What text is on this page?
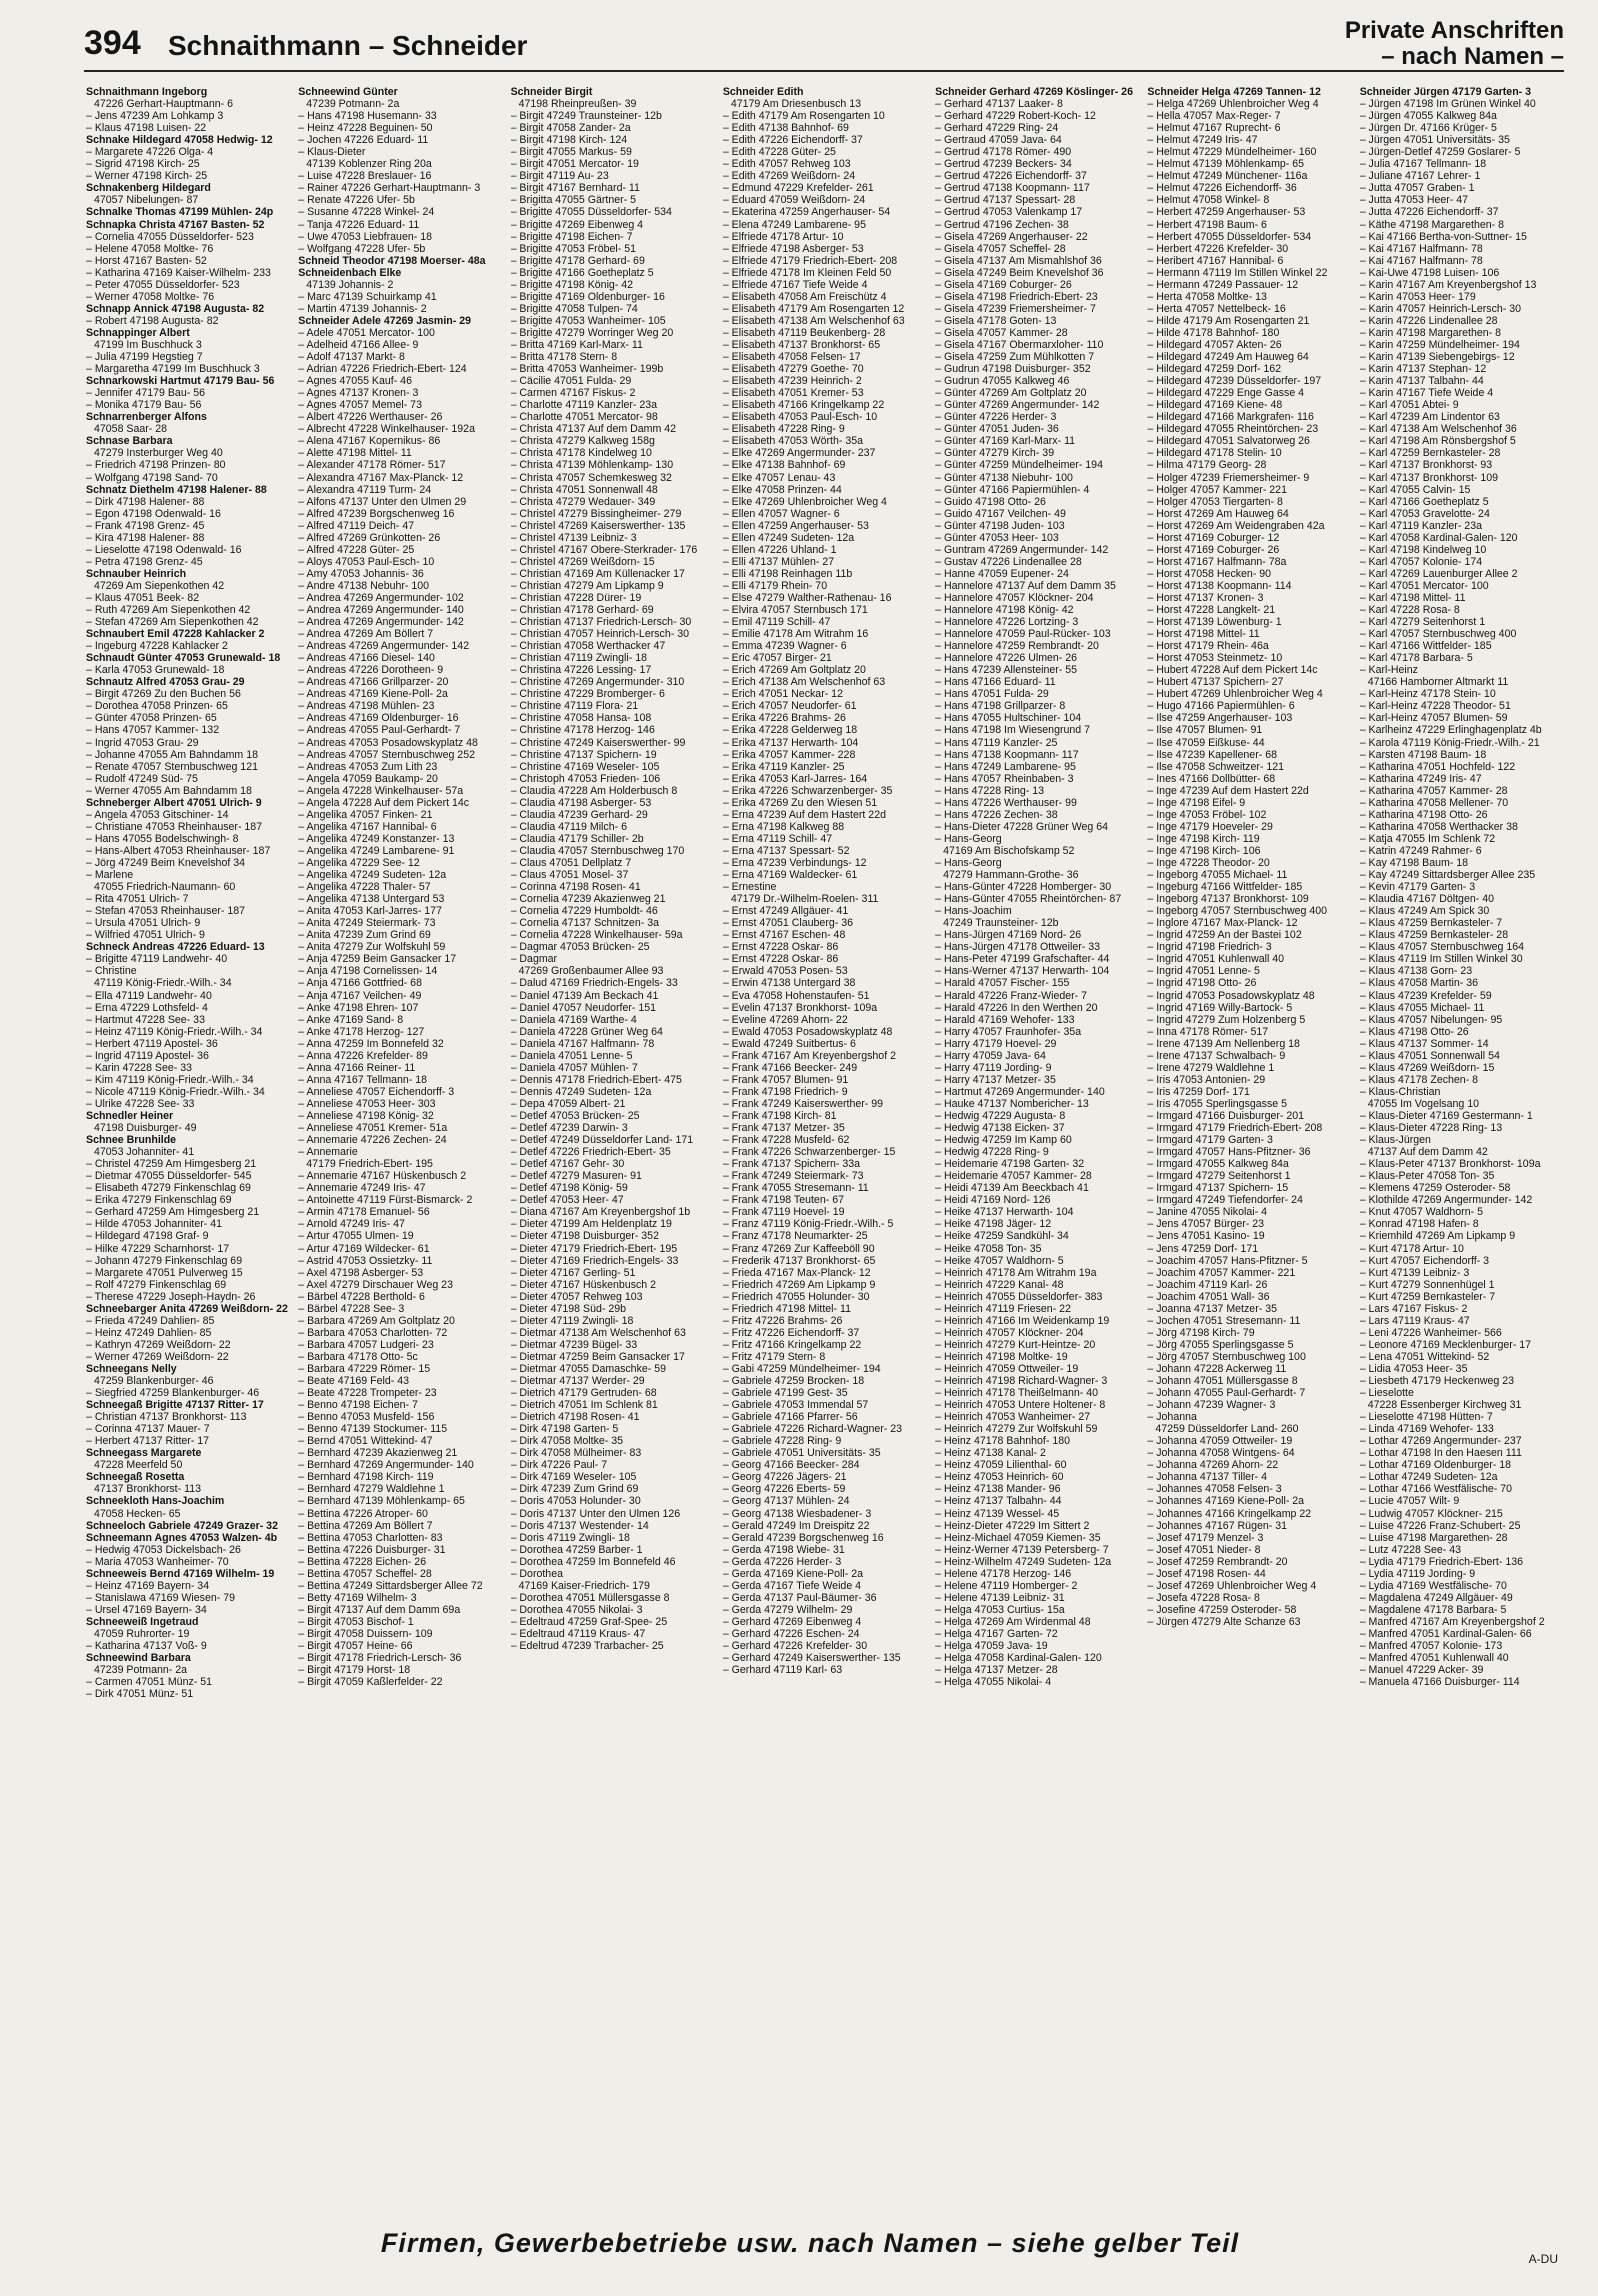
394 Schnaithmann – Schneider	Private Anschriften
– nach Namen –
Schnaithmann Ingeborg
47226 Gerhart-Hauptmann- 6
– Jens 47239 Am Lohkamp 3
– Klaus 47198 Luisen- 22
Schnake Hildegard 47058 Hedwig- 12
– Margarete 47226 Olga- 4
– Sigrid 47198 Kirch- 25
– Werner 47198 Kirch- 25
Schnakenberg Hildegard
47057 Nibelungen- 87
Schnalke Thomas 47199 Mühlen- 24p
Schnapka Christa 47167 Basten- 52
– Cornelia 47055 Düsseldorfer- 523
– Helene 47058 Moltke- 76
– Horst 47167 Basten- 52
– Katharina 47169 Kaiser-Wilhelm- 233
– Peter 47055 Düsseldorfer- 523
– Werner 47058 Moltke- 76
Schnapp Annick 47198 Augusta- 82
– Robert 47198 Augusta- 82
Schnappinger Albert
47199 Im Buschhuck 3
– Julia 47199 Hegstieg 7
– Margaretha 47199 Im Buschhuck 3
Schnarkowski Hartmut 47179 Bau- 56
– Jennifer 47179 Bau- 56
– Monika 47179 Bau- 56
Schnarrenberger Alfons
47058 Saar- 28
Schnase Barbara
47279 Insterburger Weg 40
– Friedrich 47198 Prinzen- 80
– Wolfgang 47198 Sand- 70
Schnatz Diethelm 47198 Halener- 88
– Dirk 47198 Halener- 88
– Egon 47198 Odenwald- 16
– Frank 47198 Grenz- 45
– Kira 47198 Halener- 88
– Lieselotte 47198 Odenwald- 16
– Petra 47198 Grenz- 45
Schnauber Heinrich
47269 Am Siepenkothen 42
– Klaus 47051 Beek- 82
– Ruth 47269 Am Siepenkothen 42
– Stefan 47269 Am Siepenkothen 42
Schnaubert Emil 47228 Kahlacker 2
– Ingeburg 47228 Kahlacker 2
Schnaudt Günter 47053 Grunewald- 18
– Karla 47053 Grunewald- 18
Schnautz Alfred 47053 Grau- 29
– Birgit 47269 Zu den Buchen 56
– Dorothea 47058 Prinzen- 65
– Günter 47058 Prinzen- 65
– Hans 47057 Kammer- 132
– Ingrid 47053 Grau- 29
– Johanne 47055 Am Bahndamm 18
– Renate 47057 Sternbuschweg 121
– Rudolf 47249 Süd- 75
– Werner 47055 Am Bahndamm 18
Schneberger Albert 47051 Ulrich- 9
– Angela 47053 Gitschiner- 14
– Christiane 47053 Rheinhauser- 187
– Hans 47055 Bodelschwingh- 8
– Hans-Albert 47053 Rheinhauser- 187
– Jörg 47249 Beim Knevelshof 34
– Marlene
47055 Friedrich-Naumann- 60
– Rita 47051 Ulrich- 7
– Stefan 47053 Rheinhauser- 187
– Ursula 47051 Ulrich- 9
– Wilfried 47051 Ulrich- 9
Schneck Andreas 47226 Eduard- 13
– Brigitte 47119 Landwehr- 40
– Christine
47119 König-Friedr.-Wilh.- 34
– Ella 47119 Landwehr- 40
– Erna 47229 Lothsfeld- 4
– Hartmut 47228 See- 33
– Heinz 47119 König-Friedr.-Wilh.- 34
– Herbert 47119 Apostel- 36
– Ingrid 47119 Apostel- 36
– Karin 47228 See- 33
– Kim 47119 König-Friedr.-Wilh.- 34
– Nicole 47119 König-Friedr.-Wilh.- 34
– Ulrike 47228 See- 33
Schnedler Heiner
47198 Duisburger- 49
Schnee Brunhilde
47053 Johanniter- 41
– Christel 47259 Am Himgesberg 21
– Dietmar 47055 Düsseldorfer- 545
– Elisabeth 47279 Finkenschlag 69
– Erika 47279 Finkenschlag 69
– Gerhard 47259 Am Himgesberg 21
– Hilde 47053 Johanniter- 41
– Hildegard 47198 Graf- 9
– Hilke 47229 Scharnhorst- 17
– Johann 47279 Finkenschlag 69
– Margarete 47051 Pulverweg 15
– Rolf 47279 Finkenschlag 69
– Therese 47229 Joseph-Haydn- 26
Schneebarger Anita 47269 Weißdorn- 22
– Frieda 47249 Dahlien- 85
– Heinz 47249 Dahlien- 85
– Kathryn 47269 Weißdorn- 22
– Werner 47269 Weißdorn- 22
Schneegans Nelly
47259 Blankenburger- 46
– Siegfried 47259 Blankenburger- 46
Schneegaß Brigitte 47137 Ritter- 17
– Christian 47137 Bronkhorst- 113
– Corinna 47137 Mauer- 7
– Herbert 47137 Ritter- 17
Schneegass Margarete
47228 Meerfeld 50
Schneegaß Rosetta
47137 Bronkhorst- 113
Schneekloth Hans-Joachim
47058 Hecken- 65
Schneeloch Gabriele 47249 Grazer- 32
Schneemann Agnes 47053 Walzen- 4b
– Hedwig 47053 Dickelsbach- 26
– Maria 47053 Wanheimer- 70
Schneeweis Bernd 47169 Wilhelm- 19
– Heinz 47169 Bayern- 34
– Stanislawa 47169 Wiesen- 79
– Ursel 47169 Bayern- 34
Schneeweiß Ingetraud
47059 Ruhrorter- 19
– Katharina 47137 Voß- 9
Schneewind Barbara
47239 Potmann- 2a
– Carmen 47051 Münz- 51
– Dirk 47051 Münz- 51
Schneewind Günter
47239 Potmann- 2a
– Hans 47198 Husemann- 33
– Heinz 47228 Beguinen- 50
– Jochen 47226 Eduard- 11
– Klaus-Dieter
47139 Koblenzer Ring 20a
– Luise 47228 Breslauer- 16
– Rainer 47226 Gerhart-Hauptmann- 3
– Renate 47226 Ufer- 5b
– Susanne 47228 Winkel- 24
– Tanja 47226 Eduard- 11
– Uwe 47053 Liebfrauen- 18
– Wolfgang 47228 Ufer- 5b
Schneid Theodor 47198 Moerser- 48a
Schneidenbach Elke
47139 Johannis- 2
– Marc 47139 Schuirkamp 41
– Martin 47139 Johannis- 2
Schneider Adele 47269 Jasmin- 29
– Adele 47051 Mercator- 100
– Adelheid 47166 Allee- 9
– Adolf 47137 Markt- 8
– Adrian 47226 Friedrich-Ebert- 124
– Agnes 47055 Kauf- 46
– Agnes 47137 Kronen- 3
– Agnes 47057 Memel- 73
– Albert 47226 Werthauser- 26
– Albrecht 47228 Winkelhauser- 192a
– Alena 47167 Kopernikus- 86
– Alette 47198 Mittel- 11
– Alexander 47178 Römer- 517
– Alexandra 47167 Max-Planck- 12
– Alexandra 47119 Turm- 24
– Alfons 47137 Unter den Ulmen 29
– Alfred 47239 Borgschenweg 16
– Alfred 47119 Deich- 47
– Alfred 47269 Grünkotten- 26
– Alfred 47228 Güter- 25
– Aloys 47053 Paul-Esch- 10
– Amy 47053 Johannis- 36
– Andre 47138 Nebuhr- 100
– Andrea 47269 Angermunder- 102
– Andrea 47269 Angermunder- 140
– Andrea 47269 Angermunder- 142
– Andrea 47269 Am Böllert 7
– Andreas 47269 Angermunder- 142
– Andreas 47166 Diesel- 140
– Andreas 47226 Dorotheen- 9
– Andreas 47166 Grillparzer- 20
– Andreas 47169 Kiene-Poll- 2a
– Andreas 47198 Mühlen- 23
– Andreas 47169 Oldenburger- 16
– Andreas 47055 Paul-Gerhardt- 7
– Andreas 47053 Posadowskyplatz 48
– Andreas 47057 Sternbuschweg 252
– Andreas 47053 Zum Lith 23
– Angela 47059 Baukamp- 20
– Angela 47228 Winkelhauser- 57a
– Angela 47228 Auf dem Pickert 14c
– Angelika 47057 Finken- 21
– Angelika 47167 Hannibal- 6
– Angelika 47249 Konstanzer- 13
– Angelika 47249 Lambarene- 91
– Angelika 47229 See- 12
– Angelika 47249 Sudeten- 12a
– Angelika 47228 Thaler- 57
– Angelika 47138 Untergard 53
– Anita 47053 Karl-Jarres- 177
– Anita 47249 Steiermark- 73
– Anita 47239 Zum Grind 69
– Anita 47279 Zur Wolfskuhl 59
– Anja 47259 Beim Gansacker 17
– Anja 47198 Cornelissen- 14
– Anja 47166 Gottfried- 68
– Anja 47167 Veilchen- 49
– Anke 47198 Ehren- 107
– Anke 47169 Sand- 8
– Anke 47178 Herzog- 127
– Anna 47259 Im Bonnefeld 32
– Anna 47226 Krefelder- 89
– Anna 47166 Reiner- 11
– Anna 47167 Tellmann- 18
– Anneliese 47057 Eichendorff- 3
– Anneliese 47053 Heer- 303
– Anneliese 47198 König- 32
– Anneliese 47051 Kremer- 51a
– Annemarie 47226 Zechen- 24
– Annemarie
47179 Friedrich-Ebert- 195
– Annemarie 47167 Hüskenbusch 2
– Annemarie 47249 Iris- 47
– Antoinette 47119 Fürst-Bismarck- 2
– Armin 47178 Emanuel- 56
– Arnold 47249 Iris- 47
– Artur 47055 Ulmen- 19
– Artur 47169 Wildecker- 61
– Astrid 47053 Ossietzky- 11
– Axel 47198 Asberger- 53
– Axel 47279 Dirschauer Weg 23
– Bärbel 47228 Berthold- 6
– Bärbel 47228 See- 3
– Barbara 47269 Am Goltplatz 20
– Barbara 47053 Charlotten- 72
– Barbara 47057 Ludgeri- 23
– Barbara 47178 Otto- 5c
– Barbara 47229 Römer- 15
– Beate 47169 Feld- 43
– Beate 47228 Trompeter- 23
– Benno 47198 Eichen- 7
– Benno 47053 Musfeld- 156
– Benno 47139 Stockumer- 115
– Bernd 47051 Wittekind- 47
– Bernhard 47239 Akazienweg 21
– Bernhard 47269 Angermunder- 140
– Bernhard 47198 Kirch- 119
– Bernhard 47279 Waldlehne 1
– Bernhard 47139 Möhlenkamp- 65
– Bettina 47226 Atroper- 60
– Bettina 47269 Am Böllert 7
– Bettina 47053 Charlotten- 83
– Bettina 47226 Duisburger- 31
– Bettina 47228 Eichen- 26
– Bettina 47057 Scheffel- 28
– Bettina 47249 Sittardsberger Allee 72
– Betty 47169 Wilhelm- 3
– Birgit 47137 Auf dem Damm 69a
– Birgit 47053 Bischof- 1
– Birgit 47058 Duissern- 109
– Birgit 47057 Heine- 66
– Birgit 47178 Friedrich-Lersch- 36
– Birgit 47179 Horst- 18
– Birgit 47059 Kaßlerfelder- 22
Schneider Birgit
47198 Rheinpreußen- 39
– Birgit 47249 Traunsteiner- 12b
– Birgit 47058 Zander- 2a
– Birgit 47198 Kirch- 124
– Birgit 47055 Markus- 59
– Birgit 47051 Mercator- 19
– Birgit 47119 Au- 23
– Birgit 47167 Bernhard- 11
– Brigitta 47055 Gärtner- 5
– Brigitte 47055 Düsseldorfer- 534
– Brigitte 47269 Eibenweg 4
– Brigitte 47198 Eichen- 7
– Brigitte 47053 Fröbel- 51
– Brigitte 47178 Gerhard- 69
– Brigitte 47166 Goetheplatz 5
– Brigitte 47198 König- 42
– Brigitte 47169 Oldenburger- 16
– Brigitte 47058 Tulpen- 74
– Brigitte 47053 Wanheimer- 105
– Brigitte 47279 Worringer Weg 20
– Britta 47169 Karl-Marx- 11
– Britta 47178 Stern- 8
– Britta 47053 Wanheimer- 199b
– Cäcilie 47051 Fulda- 29
– Carmen 47167 Fiskus- 2
– Charlotte 47119 Kanzler- 23a
– Charlotte 47051 Mercator- 98
– Christa 47137 Auf dem Damm 42
– Christa 47279 Kalkweg 158g
– Christa 47178 Kindelweg 10
– Christa 47139 Möhlenkamp- 130
– Christa 47057 Schemkesweg 32
– Christa 47051 Sonnenwall 48
– Christa 47279 Wedauer- 349
– Christel 47279 Bissingheimer- 279
– Christel 47269 Kaiserswerther- 135
– Christel 47139 Leibniz- 3
– Christel 47167 Obere-Sterkrader- 176
– Christel 47269 Weißdorn- 15
– Christian 47169 Am Küllenacker 17
– Christian 47279 Am Lipkamp 9
– Christian 47228 Dürer- 19
– Christian 47178 Gerhard- 69
– Christian 47137 Friedrich-Lersch- 30
– Christian 47057 Heinrich-Lersch- 30
– Christian 47058 Werthacker 47
– Christian 47119 Zwingli- 18
– Christina 47226 Lessing- 17
– Christine 47269 Angermunder- 310
– Christine 47229 Bromberger- 6
– Christine 47119 Flora- 21
– Christine 47058 Hansa- 108
– Christine 47178 Herzog- 146
– Christine 47249 Kaiserswerther- 99
– Christine 47137 Spichern- 19
– Christine 47169 Weseler- 105
– Christoph 47053 Frieden- 106
– Claudia 47228 Am Holderbusch 8
– Claudia 47198 Asberger- 53
– Claudia 47239 Gerhard- 29
– Claudia 47119 Milch- 6
– Claudia 47179 Schiller- 2b
– Claudia 47057 Sternbuschweg 170
– Claus 47051 Dellplatz 7
– Claus 47051 Mosel- 37
– Corinna 47198 Rosen- 41
– Cornelia 47239 Akazienweg 21
– Cornelia 47229 Humboldt- 46
– Cornelia 47137 Schnitzen- 3a
– Cornelia 47228 Winkelhauser- 59a
– Dagmar 47053 Brücken- 25
– Dagmar
47269 Großenbaumer Allee 93
– Dalud 47169 Friedrich-Engels- 33
– Daniel 47139 Am Beckach 41
– Daniel 47057 Neudorfer- 151
– Daniela 47169 Warthe- 4
– Daniela 47228 Grüner Weg 64
– Daniela 47167 Halfmann- 78
– Daniela 47051 Lenne- 5
– Daniela 47057 Mühlen- 7
– Dennis 47178 Friedrich-Ebert- 475
– Dennis 47249 Sudeten- 12a
– Depa 47059 Albert- 21
– Detlef 47053 Brücken- 25
– Detlef 47239 Darwin- 3
– Detlef 47249 Düsseldorfer Land- 171
– Detlef 47226 Friedrich-Ebert- 35
– Detlef 47167 Gehr- 30
– Detlef 47279 Masuren- 91
– Detlef 47198 König- 59
– Detlef 47053 Heer- 47
– Diana 47167 Am Kreyenbergshof 1b
– Dieter 47199 Am Heldenplatz 19
– Dieter 47198 Duisburger- 352
– Dieter 47179 Friedrich-Ebert- 195
– Dieter 47169 Friedrich-Engels- 33
– Dieter 47167 Gerling- 51
– Dieter 47167 Hüskenbusch 2
– Dieter 47057 Rehweg 103
– Dieter 47198 Süd- 29b
– Dieter 47119 Zwingli- 18
– Dietmar 47138 Am Welschenhof 63
– Dietmar 47239 Bügel- 33
– Dietmar 47259 Beim Gansacker 17
– Dietmar 47055 Damaschke- 59
– Dietmar 47137 Werder- 29
– Dietrich 47179 Gertruden- 68
– Dietrich 47051 Im Schlenk 81
– Dietrich 47198 Rosen- 41
– Dirk 47198 Garten- 5
– Dirk 47058 Moltke- 35
– Dirk 47058 Mülheimer- 83
– Dirk 47226 Paul- 7
– Dirk 47169 Weseler- 105
– Dirk 47239 Zum Grind 69
– Doris 47053 Holunder- 30
– Doris 47137 Unter den Ulmen 126
– Doris 47137 Westender- 14
– Doris 47119 Zwingli- 18
– Dorothea 47259 Barber- 1
– Dorothea 47259 Im Bonnefeld 46
– Dorothea
47169 Kaiser-Friedrich- 179
– Dorothea 47051 Müllersgasse 8
– Dorothea 47055 Nikolai- 3
– Edeltraud 47259 Graf-Spee- 25
– Edeltraud 47119 Kraus- 47
– Edeltrud 47239 Trarbacher- 25
Schneider Edith
47179 Am Driesenbusch 13
– Edith 47179 Am Rosengarten 10
– Edith 47138 Bahnhof- 69
– Edith 47226 Eichendorff- 37
– Edith 47228 Güter- 25
– Edith 47057 Rehweg 103
– Edith 47269 Weißdorn- 24
– Edmund 47229 Krefelder- 261
– Eduard 47059 Weißdorn- 24
– Ekaterina 47259 Angerhauser- 54
– Elena 47249 Lambarene- 95
– Elfriede 47178 Artur- 10
– Elfriede 47198 Asberger- 53
– Elfriede 47179 Friedrich-Ebert- 208
– Elfriede 47178 Im Kleinen Feld 50
– Elfriede 47167 Tiefe Weide 4
– Elisabeth 47058 Am Freischütz 4
– Elisabeth 47179 Am Rosengarten 12
– Elisabeth 47138 Am Welschenhof 63
– Elisabeth 47119 Beukenberg- 28
– Elisabeth 47137 Bronkhorst- 65
– Elisabeth 47058 Felsen- 17
– Elisabeth 47279 Goethe- 70
– Elisabeth 47239 Heinrich- 2
– Elisabeth 47051 Kremer- 53
– Elisabeth 47166 Kringelkamp 22
– Elisabeth 47053 Paul-Esch- 10
– Elisabeth 47228 Ring- 9
– Elisabeth 47053 Wörth- 35a
– Elke 47269 Angermunder- 237
– Elke 47138 Bahnhof- 69
– Elke 47057 Lenau- 43
– Elke 47058 Prinzen- 44
– Elke 47269 Uhlenbroicher Weg 4
– Ellen 47057 Wagner- 6
– Ellen 47259 Angerhauser- 53
– Ellen 47249 Sudeten- 12a
– Ellen 47226 Uhland- 1
– Elli 47137 Mühlen- 27
– Elli 47198 Reinhagen 11b
– Elli 47179 Rhein- 70
– Else 47279 Walther-Rathenau- 16
– Elvira 47057 Sternbusch 171
– Emil 47119 Schill- 47
– Emilie 47178 Am Witrahm 16
– Emma 47239 Wagner- 6
– Eric 47057 Birger- 21
– Erich 47269 Am Goltplatz 20
– Erich 47138 Am Welschenhof 63
– Erich 47051 Neckar- 12
– Erich 47057 Neudorfer- 61
– Erika 47226 Brahms- 26
– Erika 47228 Gelderweg 18
– Erika 47137 Herwarth- 104
– Erika 47057 Kammer- 228
– Erika 47119 Kanzler- 25
– Erika 47053 Karl-Jarres- 164
– Erika 47226 Schwarzenberger- 35
– Erika 47269 Zu den Wiesen 51
– Erna 47239 Auf dem Hastert 22d
– Erna 47198 Kalkweg 88
– Erna 47119 Schill- 47
– Erna 47137 Spessart- 52
– Erna 47239 Verbindungs- 12
– Erna 47169 Waldecker- 61
– Ernestine
47179 Dr.-Wilhelm-Roelen- 311
– Ernst 47249 Allgäuer- 41
– Ernst 47051 Clauberg- 36
– Ernst 47167 Eschen- 48
– Ernst 47228 Oskar- 86
– Ernst 47228 Oskar- 86
– Erwald 47053 Posen- 53
– Erwin 47138 Untergard 38
– Eva 47058 Hohenstaufen- 51
– Evelin 47137 Bronkhorst- 109a
– Eveline 47269 Ahorn- 22
– Ewald 47053 Posadowskyplatz 48
– Ewald 47249 Suitbertus- 6
– Frank 47167 Am Kreyenbergshof 2
– Frank 47166 Beecker- 249
– Frank 47057 Blumen- 91
– Frank 47198 Friedrich- 9
– Frank 47249 Kaiserswerther- 99
– Frank 47198 Kirch- 81
– Frank 47137 Metzer- 35
– Frank 47228 Musfeld- 62
– Frank 47226 Schwarzenberger- 15
– Frank 47137 Spichern- 33a
– Frank 47249 Steiermark- 73
– Frank 47055 Stresemann- 11
– Frank 47198 Teuten- 67
– Frank 47119 Hoevel- 19
– Franz 47119 König-Friedr.-Wilh.- 5
– Franz 47178 Neumarkter- 25
– Franz 47269 Zur Kaffeeböll 90
– Frederik 47137 Bronkhorst- 65
– Frieda 47167 Max-Planck- 12
– Friedrich 47269 Am Lipkamp 9
– Friedrich 47055 Holunder- 30
– Friedrich 47198 Mittel- 11
– Fritz 47226 Brahms- 26
– Fritz 47226 Eichendorff- 37
– Fritz 47166 Kringelkamp 22
– Fritz 47179 Stern- 8
– Gabi 47259 Mündelheimer- 194
– Gabriele 47259 Brocken- 18
– Gabriele 47199 Gest- 35
– Gabriele 47053 Immendal 57
– Gabriele 47166 Pfarrer- 56
– Gabriele 47226 Richard-Wagner- 23
– Gabriele 47228 Ring- 9
– Gabriele 47051 Universitäts- 35
– Georg 47166 Beecker- 284
– Georg 47226 Jägers- 21
– Georg 47226 Eberts- 59
– Georg 47137 Mühlen- 24
– Georg 47138 Wiesbadener- 3
– Gerald 47249 Im Dreispitz 22
– Gerald 47239 Borgschenweg 16
– Gerda 47198 Wiebe- 31
– Gerda 47226 Herder- 3
– Gerda 47169 Kiene-Poll- 2a
– Gerda 47167 Tiefe Weide 4
– Gerda 47137 Paul-Bäumer- 36
– Gerda 47279 Wilhelm- 29
– Gerhard 47269 Eibenweg 4
– Gerhard 47226 Eschen- 24
– Gerhard 47226 Krefelder- 30
– Gerhard 47249 Kaiserswerther- 135
– Gerhard 47119 Karl- 63
Schneider Gerhard 47269 Köslinger- 26
– Gerhard 47137 Laaker- 8
– Gerhard 47229 Robert-Koch- 12
– Gerhard 47229 Ring- 24
– Gertraud 47059 Java- 64
– Gertrud 47178 Römer- 490
– Gertrud 47239 Beckers- 34
– Gertrud 47226 Eichendorff- 37
– Gertrud 47138 Koopmann- 117
– Gertrud 47137 Spessart- 28
– Gertrud 47053 Valenkamp 17
– Gertrud 47196 Zechen- 38
– Gisela 47269 Angerhauser- 22
– Gisela 47057 Scheffel- 28
– Gisela 47137 Am Mismahlshof 36
– Gisela 47249 Beim Knevelshof 36
– Gisela 47169 Coburger- 26
– Gisela 47198 Friedrich-Ebert- 23
– Gisela 47239 Friemersheimer- 7
– Gisela 47178 Goten- 13
– Gisela 47057 Kammer- 28
– Gisela 47167 Obermarxloher- 110
– Gisela 47259 Zum Mühlkotten 7
– Gudrun 47198 Duisburger- 352
– Gudrun 47055 Kalkweg 46
– Günter 47269 Am Goltplatz 20
– Günter 47269 Angermunder- 142
– Günter 47226 Herder- 3
– Günter 47051 Juden- 36
– Günter 47169 Karl-Marx- 11
– Günter 47279 Kirch- 39
– Günter 47259 Mündelheimer- 194
– Günter 47138 Niebuhr- 100
– Günter 47166 Papiermühlen- 4
– Guido 47198 Otto- 26
– Guido 47167 Veilchen- 49
– Günter 47198 Juden- 103
– Günter 47053 Heer- 103
– Guntram 47269 Angermunder- 142
– Gustav 47226 Lindenallee 28
– Hanne 47059 Eupener- 24
– Hannelore 47137 Auf dem Damm 35
– Hannelore 47057 Klöckner- 204
– Hannelore 47198 König- 42
– Hannelore 47226 Lortzing- 3
– Hannelore 47059 Paul-Rücker- 103
– Hannelore 47259 Rembrandt- 20
– Hannelore 47226 Ulmen- 26
– Hans 47239 Allensteiner- 55
– Hans 47166 Eduard- 11
– Hans 47051 Fulda- 29
– Hans 47198 Grillparzer- 8
– Hans 47055 Hultschiner- 104
– Hans 47198 Im Wiesengrund 7
– Hans 47119 Kanzler- 25
– Hans 47138 Koopmann- 117
– Hans 47249 Lambarene- 95
– Hans 47057 Rheinbaben- 3
– Hans 47228 Ring- 13
– Hans 47226 Werthauser- 99
– Hans 47226 Zechen- 38
– Hans-Dieter 47228 Grüner Weg 64
– Hans-Georg
47169 Am Bischofskamp 52
– Hans-Georg
47279 Hammann-Grothe- 36
– Hans-Günter 47228 Homberger- 30
– Hans-Günter 47055 Rheintörchen- 87
– Hans-Joachim
47249 Traunsteiner- 12b
– Hans-Jürgen 47169 Nord- 26
– Hans-Jürgen 47178 Ottweiler- 33
– Hans-Peter 47199 Grafschafter- 44
– Hans-Werner 47137 Herwarth- 104
– Harald 47057 Fischer- 155
– Harald 47226 Franz-Wieder- 7
– Harald 47226 In den Werthen 20
– Harald 47169 Wehofer- 133
– Harry 47057 Fraunhofer- 35a
– Harry 47179 Hoevel- 29
– Harry 47059 Java- 64
– Harry 47119 Jording- 9
– Harry 47137 Metzer- 35
– Hartmut 47269 Angermunder- 140
– Hauke 47137 Nombericher- 13
– Hedwig 47229 Augusta- 8
– Hedwig 47138 Eicken- 37
– Hedwig 47259 Im Kamp 60
– Hedwig 47228 Ring- 9
– Heidemarie 47198 Garten- 32
– Heidemarie 47057 Kammer- 28
– Heidi 47139 Am Beeckbach 41
– Heidi 47169 Nord- 126
– Heike 47137 Herwarth- 104
– Heike 47198 Jäger- 12
– Heike 47259 Sandkühl- 34
– Heike 47058 Ton- 35
– Heike 47057 Waldhorn- 5
– Heinrich 47178 Am Witrahm 19a
– Heinrich 47229 Kanal- 48
– Heinrich 47055 Düsseldorfer- 383
– Heinrich 47119 Friesen- 22
– Heinrich 47166 Im Weidenkamp 19
– Heinrich 47057 Klöckner- 204
– Heinrich 47279 Kurt-Heintze- 20
– Heinrich 47198 Moltke- 19
– Heinrich 47059 Ottweiler- 19
– Heinrich 47198 Richard-Wagner- 3
– Heinrich 47178 Theißelmann- 40
– Heinrich 47053 Untere Holtener- 8
– Heinrich 47053 Wanheimer- 27
– Heinrich 47279 Zur Wolfskuhl 59
– Heinz 47178 Bahnhof- 180
– Heinz 47138 Kanal- 2
– Heinz 47059 Lilienthal- 60
– Heinz 47053 Heinrich- 60
– Heinz 47138 Mander- 96
– Heinz 47137 Talbahn- 44
– Heinz 47139 Wessel- 45
– Heinz-Dieter 47229 Im Sittert 2
– Heinz-Michael 47059 Kiemen- 35
– Heinz-Werner 47139 Petersberg- 7
– Heinz-Wilhelm 47249 Sudeten- 12a
– Helene 47178 Herzog- 146
– Helene 47119 Homberger- 2
– Helene 47139 Leibniz- 31
– Helga 47053 Curtius- 15a
– Helga 47269 Am Wirdenmal 48
– Helga 47167 Garten- 72
– Helga 47059 Java- 19
– Helga 47058 Kardinal-Galen- 120
– Helga 47137 Metzer- 28
– Helga 47055 Nikolai- 4
Schneider Helga 47269 Tannen- 12
– Helga 47269 Uhlenbroicher Weg 4
– Hella 47057 Max-Reger- 7
– Helmut 47167 Ruprecht- 6
– Helmut 47249 Iris- 47
– Helmut 47229 Mündelheimer- 160
– Helmut 47139 Möhlenkamp- 65
– Helmut 47249 Münchener- 116a
– Helmut 47226 Eichendorff- 36
– Helmut 47058 Winkel- 8
– Herbert 47259 Angerhauser- 53
– Herbert 47198 Baum- 6
– Herbert 47055 Düsseldorfer- 534
– Herbert 47226 Krefelder- 30
– Heribert 47167 Hannibal- 6
– Hermann 47119 Im Stillen Winkel 22
– Hermann 47249 Passauer- 12
– Herta 47058 Moltke- 13
– Herta 47057 Nettelbeck- 16
– Hilde 47179 Am Rosengarten 21
– Hilde 47178 Bahnhof- 180
– Hildegard 47057 Akten- 26
– Hildegard 47249 Am Hauweg 64
– Hildegard 47259 Dorf- 162
– Hildegard 47239 Düsseldorfer- 197
– Hildegard 47229 Enge Gasse 4
– Hildegard 47169 Kiene- 48
– Hildegard 47166 Markgrafen- 116
– Hildegard 47055 Rheintörchen- 23
– Hildegard 47051 Salvatorweg 26
– Hildegard 47178 Stelin- 10
– Hilma 47179 Georg- 28
– Holger 47239 Friemersheimer- 9
– Holger 47057 Kammer- 221
– Holger 47053 Tiergarten- 8
– Horst 47269 Am Hauweg 64
– Horst 47269 Am Weidengraben 42a
– Horst 47169 Coburger- 12
– Horst 47169 Coburger- 26
– Horst 47167 Halfmann- 78a
– Horst 47058 Hecken- 90
– Horst 47138 Koopmann- 114
– Horst 47137 Kronen- 3
– Horst 47228 Langkelt- 21
– Horst 47139 Löwenburg- 1
– Horst 47198 Mittel- 11
– Horst 47179 Rhein- 46a
– Horst 47053 Steinmetz- 10
– Hubert 47228 Auf dem Pickert 14c
– Hubert 47137 Spichern- 27
– Hubert 47269 Uhlenbroicher Weg 4
– Hugo 47166 Papiermühlen- 6
– Ilse 47259 Angerhauser- 103
– Ilse 47057 Blumen- 91
– Ilse 47059 Eißkuse- 44
– Ilse 47239 Kapellener- 68
– Ilse 47058 Schweitzer- 121
– Ines 47166 Dollbütter- 68
– Inge 47239 Auf dem Hastert 22d
– Inge 47198 Eifel- 9
– Inge 47053 Fröbel- 102
– Inge 47179 Hoeveler- 29
– Inge 47198 Kirch- 119
– Inge 47198 Kirch- 106
– Inge 47228 Theodor- 20
– Ingeborg 47055 Michael- 11
– Ingeburg 47166 Wittfelder- 185
– Ingeborg 47137 Bronkhorst- 109
– Ingeborg 47057 Sternbuschweg 400
– Inglore 47167 Max-Planck- 12
– Ingrid 47259 An der Bastei 102
– Ingrid 47198 Friedrich- 3
– Ingrid 47051 Kuhlenwall 40
– Ingrid 47051 Lenne- 5
– Ingrid 47198 Otto- 26
– Ingrid 47053 Posadowskyplatz 48
– Ingrid 47169 Willy-Bartock- 5
– Ingrid 47279 Zum Holzenberg 5
– Inna 47178 Römer- 517
– Irene 47139 Am Nellenberg 18
– Irene 47137 Schwalbach- 9
– Irene 47279 Waldlehne 1
– Iris 47053 Antonien- 29
– Iris 47259 Dorf- 171
– Iris 47055 Sperlingsgasse 5
– Irmgard 47166 Duisburger- 201
– Irmgard 47179 Friedrich-Ebert- 208
– Irmgard 47179 Garten- 3
– Irmgard 47057 Hans-Pfitzner- 36
– Irmgard 47055 Kalkweg 84a
– Irmgard 47279 Seitenhorst 1
– Irmgard 47137 Spichern- 15
– Irmgard 47249 Tiefendorfer- 24
– Janine 47055 Nikolai- 4
– Jens 47057 Bürger- 23
– Jens 47051 Kasino- 19
– Jens 47259 Dorf- 171
– Joachim 47057 Hans-Pfitzner- 5
– Joachim 47057 Kammer- 221
– Joachim 47119 Karl- 26
– Joachim 47051 Wall- 36
– Joanna 47137 Metzer- 35
– Jochen 47051 Stresemann- 11
– Jörg 47198 Kirch- 79
– Jörg 47055 Sperlingsgasse 5
– Jörg 47057 Sternbuschweg 100
– Johann 47228 Ackerweg 11
– Johann 47051 Müllersgasse 8
– Johann 47055 Paul-Gerhardt- 7
– Johann 47239 Wagner- 3
– Johanna
47259 Düsseldorfer Land- 260
– Johanna 47059 Ottweiler- 19
– Johanna 47058 Wintgens- 64
– Johanna 47269 Ahorn- 22
– Johanna 47137 Tiller- 4
– Johannes 47058 Felsen- 3
– Johannes 47169 Kiene-Poll- 2a
– Johannes 47166 Kringelkamp 22
– Johannes 47167 Rügen- 31
– Josef 47179 Menzel- 3
– Josef 47051 Nieder- 8
– Josef 47259 Rembrandt- 20
– Josef 47198 Rosen- 44
– Josef 47269 Uhlenbroicher Weg 4
– Josefa 47228 Rosa- 8
– Josefine 47259 Osteroder- 58
– Jürgen 47279 Alte Schanze 63
Schneider Jürgen 47179 Garten- 3
– Jürgen 47198 Im Grünen Winkel 40
– Jürgen 47055 Kalkweg 84a
– Jürgen Dr. 47166 Krüger- 5
– Jürgen 47051 Universitäts- 35
– Jürgen-Detlef 47259 Goslarer- 5
– Julia 47167 Tellmann- 18
– Juliane 47167 Lehrer- 1
– Jutta 47057 Graben- 1
– Jutta 47053 Heer- 47
– Jutta 47226 Eichendorff- 37
– Käthe 47198 Margarethen- 8
– Kai 47166 Bertha-von-Suttner- 15
– Kai 47167 Halfmann- 78
– Kai 47167 Halfmann- 78
– Kai-Uwe 47198 Luisen- 106
– Karin 47167 Am Kreyenbergshof 13
– Karin 47053 Heer- 179
– Karin 47057 Heinrich-Lersch- 30
– Karin 47226 Lindenallee 28
– Karin 47198 Margarethen- 8
– Karin 47259 Mündelheimer- 194
– Karin 47139 Siebengebirgs- 12
– Karin 47137 Stephan- 12
– Karin 47137 Talbahn- 44
– Karin 47167 Tiefe Weide 4
– Karl 47051 Abtei- 9
– Karl 47239 Am Lindentor 63
– Karl 47138 Am Welschenhof 36
– Karl 47198 Am Rönsbergshof 5
– Karl 47259 Bernkasteler- 28
– Karl 47137 Bronkhorst- 93
– Karl 47137 Bronkhorst- 109
– Karl 47055 Calvin- 15
– Karl 47166 Goetheplatz 5
– Karl 47053 Gravelotte- 24
– Karl 47119 Kanzler- 23a
– Karl 47058 Kardinal-Galen- 120
– Karl 47198 Kindelweg 10
– Karl 47057 Kolonie- 174
– Karl 47269 Lauenburger Allee 2
– Karl 47051 Mercator- 100
– Karl 47198 Mittel- 11
– Karl 47228 Rosa- 8
– Karl 47279 Seitenhorst 1
– Karl 47057 Sternbuschweg 400
– Karl 47166 Wittfelder- 185
– Karl 47178 Barbara- 5
– Karl-Heinz
47166 Hamborner Altmarkt 11
– Karl-Heinz 47178 Stein- 10
– Karl-Heinz 47228 Theodor- 51
– Karl-Heinz 47057 Blumen- 59
– Karlheinz 47229 Erlinghagenplatz 4b
– Karola 47119 König-Friedr.-Wilh.- 21
– Karsten 47198 Baum- 18
– Katharina 47051 Hochfeld- 122
– Katharina 47249 Iris- 47
– Katharina 47057 Kammer- 28
– Katharina 47058 Mellener- 70
– Katharina 47198 Otto- 26
– Katharina 47058 Werthacker 38
– Katja 47055 Im Schlenk 72
– Katrin 47249 Rahmer- 6
– Kay 47198 Baum- 18
– Kay 47249 Sittardsberger Allee 235
– Kevin 47179 Garten- 3
– Klaudia 47167 Döltgen- 40
– Klaus 47249 Am Spick 30
– Klaus 47259 Bernkasteler- 7
– Klaus 47259 Bernkasteler- 28
– Klaus 47057 Sternbuschweg 164
– Klaus 47119 Im Stillen Winkel 30
– Klaus 47138 Gorn- 23
– Klaus 47058 Martin- 36
– Klaus 47239 Krefelder- 59
– Klaus 47055 Michael- 11
– Klaus 47057 Nibelungen- 95
– Klaus 47198 Otto- 26
– Klaus 47137 Sommer- 14
– Klaus 47051 Sonnenwall 54
– Klaus 47269 Weißdorn- 15
– Klaus 47178 Zechen- 8
– Klaus-Christian
47055 Im Vogelsang 10
– Klaus-Dieter 47169 Gestermann- 1
– Klaus-Dieter 47228 Ring- 13
– Klaus-Jürgen
47137 Auf dem Damm 42
– Klaus-Peter 47137 Bronkhorst- 109a
– Klaus-Peter 47058 Ton- 35
– Klemens 47259 Osteroder- 58
– Klothilde 47269 Angermunder- 142
– Knut 47057 Waldhorn- 5
– Konrad 47198 Hafen- 8
– Kriemhild 47269 Am Lipkamp 9
– Kurt 47178 Artur- 10
– Kurt 47057 Eichendorff- 3
– Kurt 47139 Leibniz- 3
– Kurt 47279 Sonnenhügel 1
– Kurt 47259 Bernkasteler- 7
– Lars 47167 Fiskus- 2
– Lars 47119 Kraus- 47
– Leni 47226 Wanheimer- 566
– Leonore 47169 Mecklenburger- 17
– Lena 47051 Wittekind- 52
– Lidia 47053 Heer- 35
– Liesbeth 47179 Heckenweg 23
– Lieselotte
47228 Essenberger Kirchweg 31
– Lieselotte 47198 Hütten- 7
– Linda 47169 Wehofer- 133
– Lothar 47269 Angermunder- 237
– Lothar 47198 In den Haesen 111
– Lothar 47169 Oldenburger- 18
– Lothar 47249 Sudeten- 12a
– Lothar 47166 Westfälische- 70
– Lucie 47057 Wilt- 9
– Ludwig 47057 Klöckner- 215
– Luise 47226 Franz-Schubert- 25
– Luise 47198 Margarethen- 28
– Lutz 47228 See- 43
– Lydia 47179 Friedrich-Ebert- 136
– Lydia 47119 Jording- 9
– Lydia 47169 Westfälische- 70
– Magdalena 47249 Allgäuer- 49
– Magdalene 47178 Barbara- 5
– Manfred 47167 Am Kreyenbergshof 2
– Manfred 47051 Kardinal-Galen- 66
– Manfred 47057 Kolonie- 173
– Manfred 47051 Kuhlenwall 40
– Manuel 47229 Acker- 39
– Manuela 47166 Duisburger- 114
Firmen, Gewerbebetriebe usw. nach Namen – siehe gelber Teil
A-DU
